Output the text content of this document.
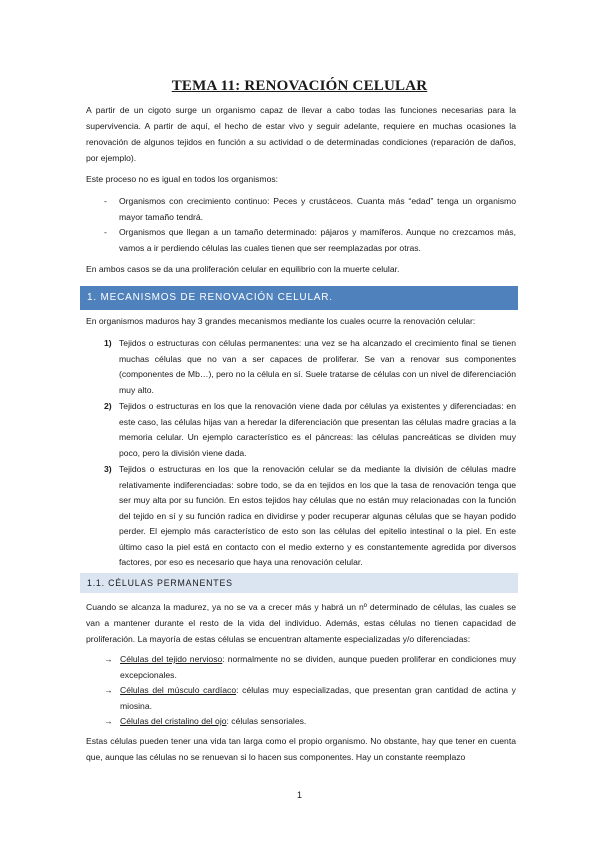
TEMA 11: RENOVACIÓN CELULAR

A partir de un cigoto surge un organismo capaz de llevar a cabo todas las funciones necesarias para la supervivencia. A partir de aquí, el hecho de estar vivo y seguir adelante, requiere en muchas ocasiones la renovación de algunos tejidos en función a su actividad o de determinadas condiciones (reparación de daños, por ejemplo).

Este proceso no es igual en todos los organismos:

- Organismos con crecimiento continuo: Peces y crustáceos. Cuanta más “edad” tenga un organismo mayor tamaño tendrá.
- Organismos que llegan a un tamaño determinado: pájaros y mamíferos. Aunque no crezcamos más, vamos a ir perdiendo células las cuales tienen que ser reemplazadas por otras.

En ambos casos se da una proliferación celular en equilibrio con la muerte celular.

1. MECANISMOS DE RENOVACIÓN CELULAR.

En organismos maduros hay 3 grandes mecanismos mediante los cuales ocurre la renovación celular:

1) Tejidos o estructuras con células permanentes: una vez se ha alcanzado el crecimiento final se tienen muchas células que no van a ser capaces de proliferar. Se van a renovar sus componentes (componentes de Mb…), pero no la célula en sí. Suele tratarse de células con un nivel de diferenciación muy alto.
2) Tejidos o estructuras en los que la renovación viene dada por células ya existentes y diferenciadas: en este caso, las células hijas van a heredar la diferenciación que presentan las células madre gracias a la memoria celular. Un ejemplo característico es el páncreas: las células pancreáticas se dividen muy poco, pero la división viene dada.
3) Tejidos o estructuras en los que la renovación celular se da mediante la división de células madre relativamente indiferenciadas: sobre todo, se da en tejidos en los que la tasa de renovación tenga que ser muy alta por su función. En estos tejidos hay células que no están muy relacionadas con la función del tejido en sí y su función radica en dividirse y poder recuperar algunas células que se hayan podido perder. El ejemplo más característico de esto son las células del epitelio intestinal o la piel. En este último caso la piel está en contacto con el medio externo y es constantemente agredida por diversos factores, por eso es necesario que haya una renovación celular.
1.1. CÉLULAS PERMANENTES

Cuando se alcanza la madurez, ya no se va a crecer más y habrá un nº determinado de células, las cuales se van a mantener durante el resto de la vida del individuo. Además, estas células no tienen capacidad de proliferación. La mayoría de estas células se encuentran altamente especializadas y/o diferenciadas:

→ Células del tejido nervioso: normalmente no se dividen, aunque pueden proliferar en condiciones muy excepcionales.
→ Células del músculo cardíaco: células muy especializadas, que presentan gran cantidad de actina y miosina.
→ Células del cristalino del ojo: células sensoriales.

Estas células pueden tener una vida tan larga como el propio organismo. No obstante, hay que tener en cuenta que, aunque las células no se renuevan si lo hacen sus componentes. Hay un constante reemplazo

1
